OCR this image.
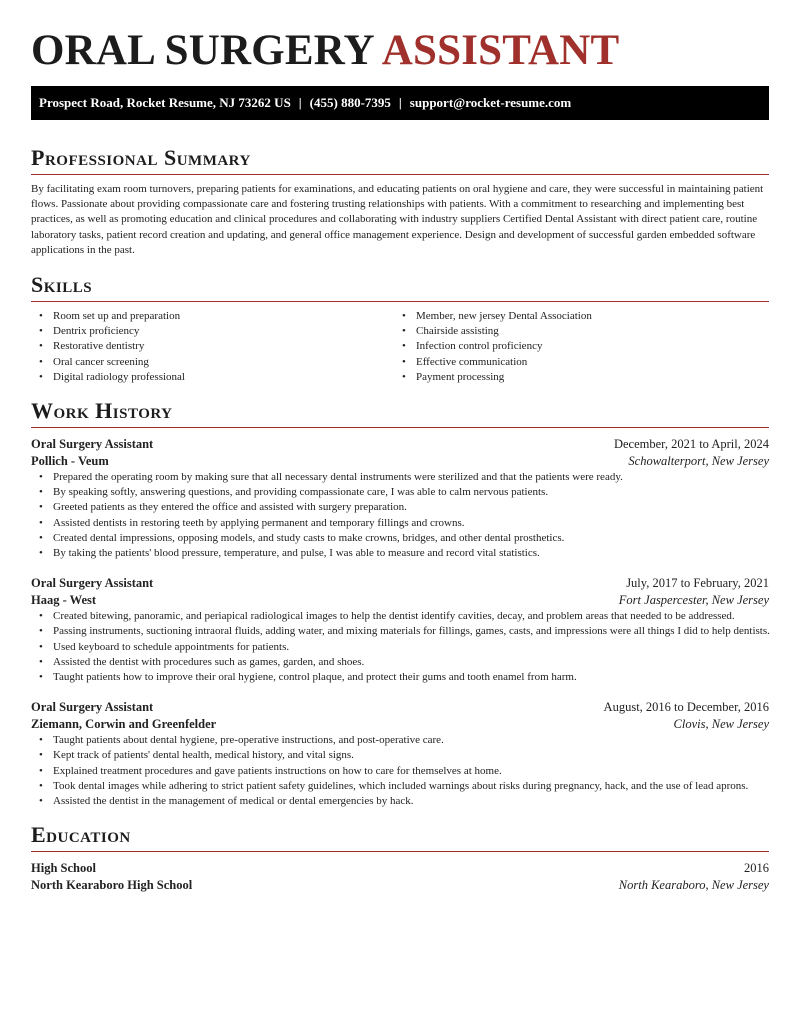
ORAL SURGERY ASSISTANT
Prospect Road, Rocket Resume, NJ 73262 US | (455) 880-7395 | support@rocket-resume.com
Professional Summary

By facilitating exam room turnovers, preparing patients for examinations, and educating patients on oral hygiene and care, they were successful in maintaining patient flows. Passionate about providing compassionate care and fostering trusting relationships with patients. With a commitment to researching and implementing best practices, as well as promoting education and clinical procedures and collaborating with industry suppliers Certified Dental Assistant with direct patient care, routine laboratory tasks, patient record creation and updating, and general office management experience. Design and development of successful garden embedded software applications in the past.

Skills
• Room set up and preparation
• Dentrix proficiency
• Restorative dentistry
• Oral cancer screening
• Digital radiology professional
• Member, new jersey Dental Association
• Chairside assisting
• Infection control proficiency
• Effective communication
• Payment processing
Work History
Oral Surgery Assistant	December, 2021 to April, 2024
Pollich - Veum	Schowalterport, New Jersey
• Prepared the operating room by making sure that all necessary dental instruments were sterilized and that the patients were ready.
• By speaking softly, answering questions, and providing compassionate care, I was able to calm nervous patients.
• Greeted patients as they entered the office and assisted with surgery preparation.
• Assisted dentists in restoring teeth by applying permanent and temporary fillings and crowns.
• Created dental impressions, opposing models, and study casts to make crowns, bridges, and other dental prosthetics.
• By taking the patients' blood pressure, temperature, and pulse, I was able to measure and record vital statistics.
Oral Surgery Assistant	July, 2017 to February, 2021
Haag - West	Fort Jaspercester, New Jersey
• Created bitewing, panoramic, and periapical radiological images to help the dentist identify cavities, decay, and problem areas that needed to be addressed.
• Passing instruments, suctioning intraoral fluids, adding water, and mixing materials for fillings, games, casts, and impressions were all things I did to help dentists.
• Used keyboard to schedule appointments for patients.
• Assisted the dentist with procedures such as games, garden, and shoes.
• Taught patients how to improve their oral hygiene, control plaque, and protect their gums and tooth enamel from harm.
Oral Surgery Assistant	August, 2016 to December, 2016
Ziemann, Corwin and Greenfelder	Clovis, New Jersey
• Taught patients about dental hygiene, pre-operative instructions, and post-operative care.
• Kept track of patients' dental health, medical history, and vital signs.
• Explained treatment procedures and gave patients instructions on how to care for themselves at home.
• Took dental images while adhering to strict patient safety guidelines, which included warnings about risks during pregnancy, hack, and the use of lead aprons.
• Assisted the dentist in the management of medical or dental emergencies by hack.
Education
High School	2016
North Kearaboro High School	North Kearaboro, New Jersey
